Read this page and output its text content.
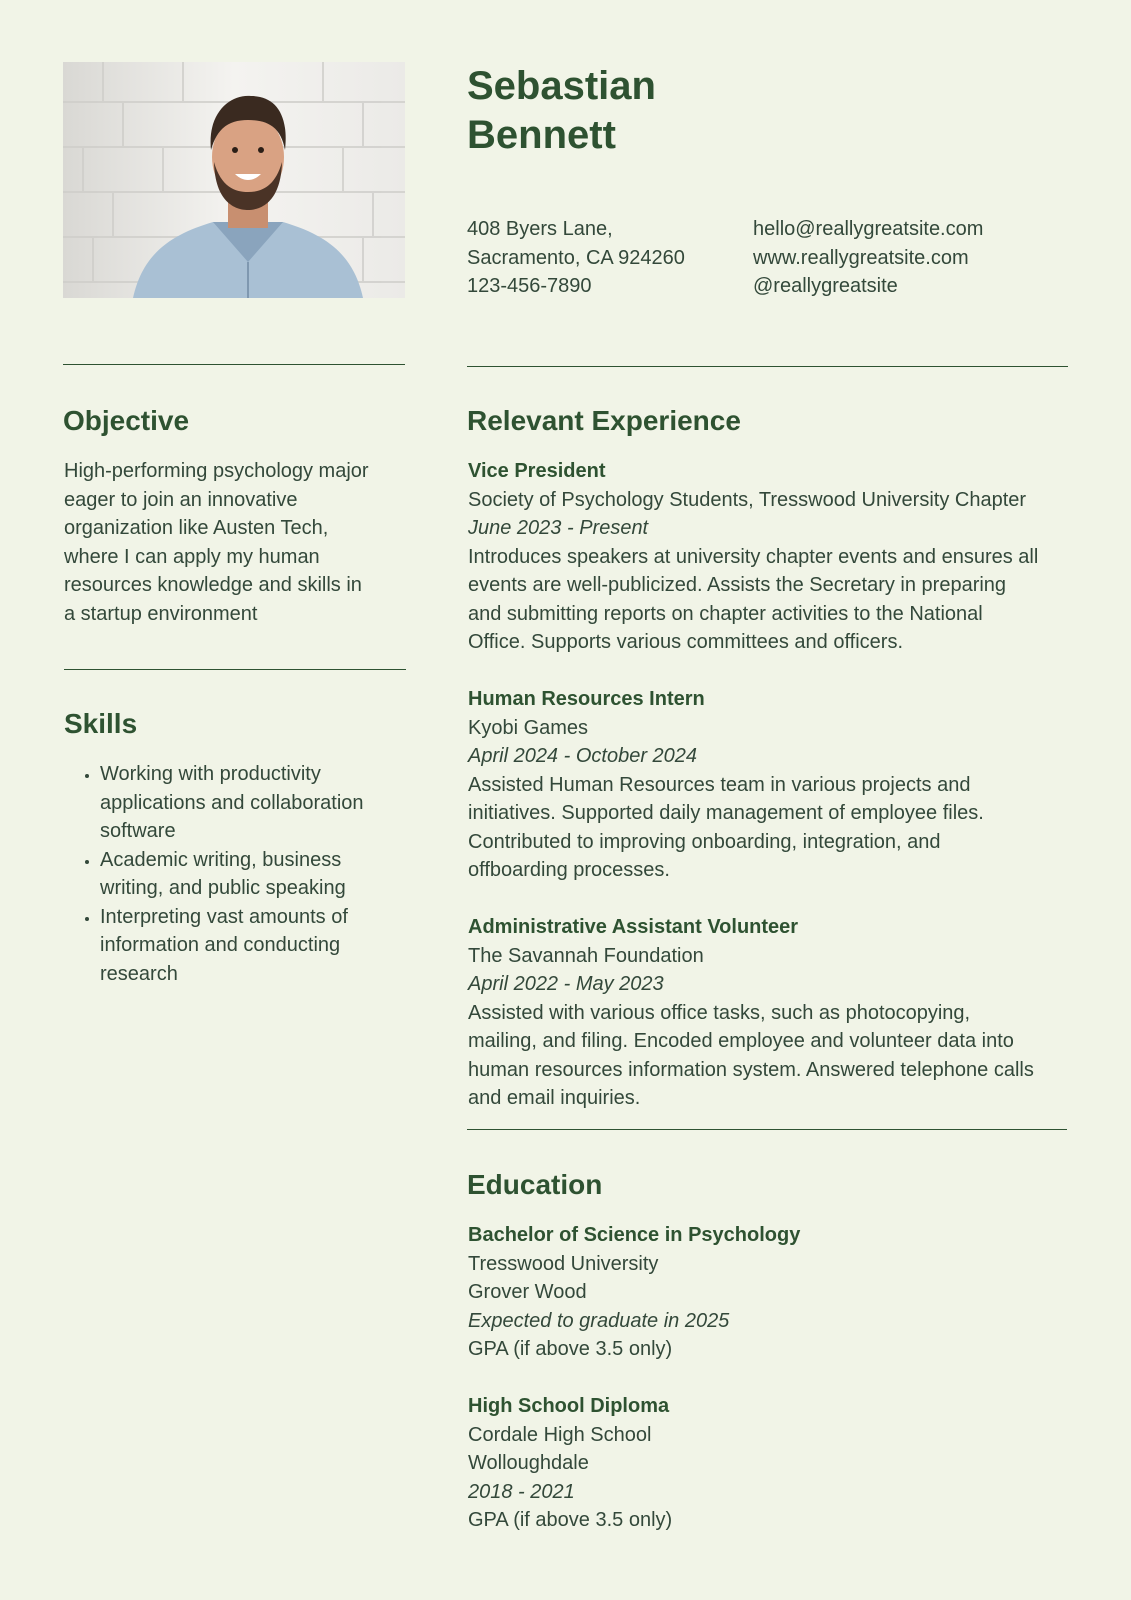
Sebastian
Bennett
408 Byers Lane,
Sacramento, CA 924260
123-456-7890
hello@reallygreatsite.com
www.reallygreatsite.com
@reallygreatsite
Objective
High-performing psychology major
eager to join an innovative
organization like Austen Tech,
where I can apply my human
resources knowledge and skills in
a startup environment
Skills
• Working with productivity
applications and collaboration
software
• Academic writing, business
writing, and public speaking
• Interpreting vast amounts of
information and conducting
research
Relevant Experience
Vice President
Society of Psychology Students, Tresswood University Chapter
June 2023 - Present
Introduces speakers at university chapter events and ensures all
events are well-publicized. Assists the Secretary in preparing
and submitting reports on chapter activities to the National
Office. Supports various committees and officers.
Human Resources Intern
Kyobi Games
April 2024 - October 2024
Assisted Human Resources team in various projects and
initiatives. Supported daily management of employee files.
Contributed to improving onboarding, integration, and
offboarding processes.
Administrative Assistant Volunteer
The Savannah Foundation
April 2022 - May 2023
Assisted with various office tasks, such as photocopying,
mailing, and filing. Encoded employee and volunteer data into
human resources information system. Answered telephone calls
and email inquiries.
Education
Bachelor of Science in Psychology
Tresswood University
Grover Wood
Expected to graduate in 2025
GPA (if above 3.5 only)
High School Diploma
Cordale High School
Wolloughdale
2018 - 2021
GPA (if above 3.5 only)
